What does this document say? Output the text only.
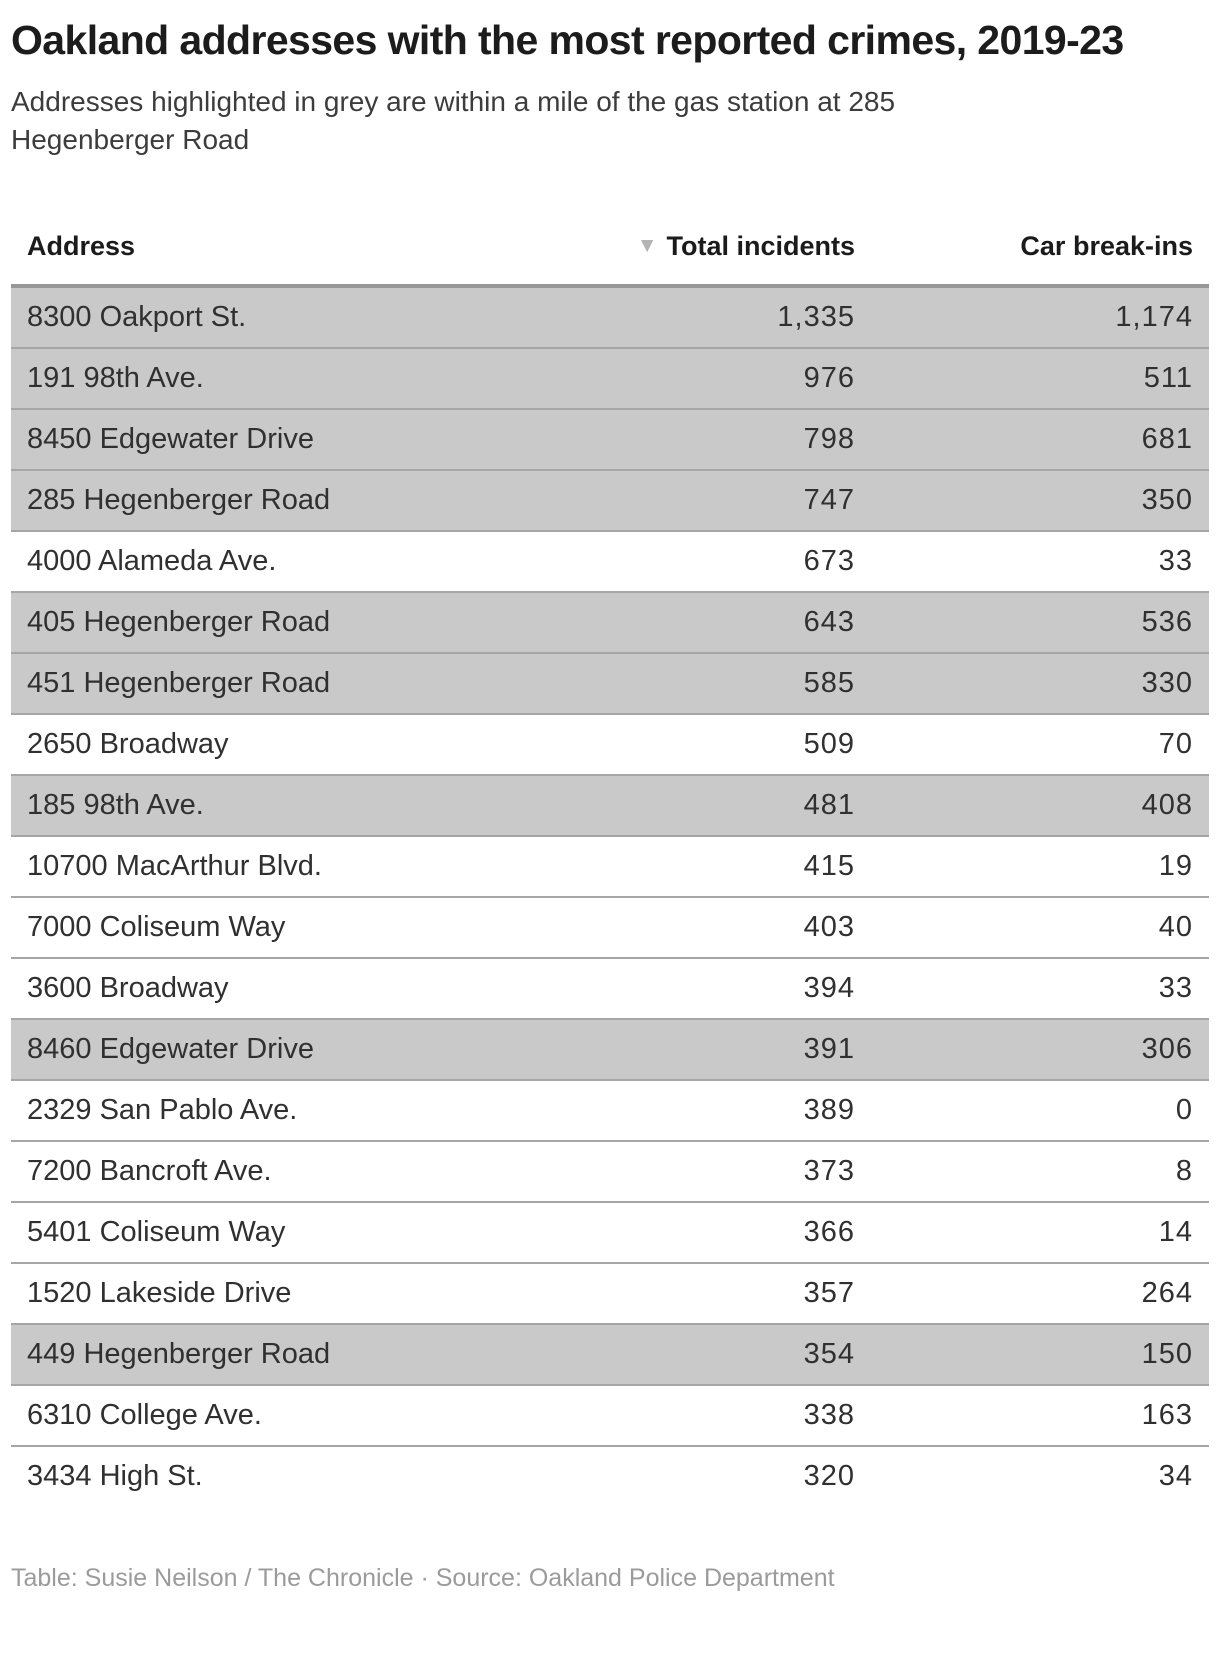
Oakland addresses with the most reported crimes, 2019-23

Addresses highlighted in grey are within a mile of the gas station at 285 Hegenberger Road

Address	▼ Total incidents	Car break-ins
8300 Oakport St.	1,335	1,174
191 98th Ave.	976	511
8450 Edgewater Drive	798	681
285 Hegenberger Road	747	350
4000 Alameda Ave.	673	33
405 Hegenberger Road	643	536
451 Hegenberger Road	585	330
2650 Broadway	509	70
185 98th Ave.	481	408
10700 MacArthur Blvd.	415	19
7000 Coliseum Way	403	40
3600 Broadway	394	33
8460 Edgewater Drive	391	306
2329 San Pablo Ave.	389	0
7200 Bancroft Ave.	373	8
5401 Coliseum Way	366	14
1520 Lakeside Drive	357	264
449 Hegenberger Road	354	150
6310 College Ave.	338	163
3434 High St.	320	34
Table: Susie Neilson / The Chronicle · Source: Oakland Police Department
